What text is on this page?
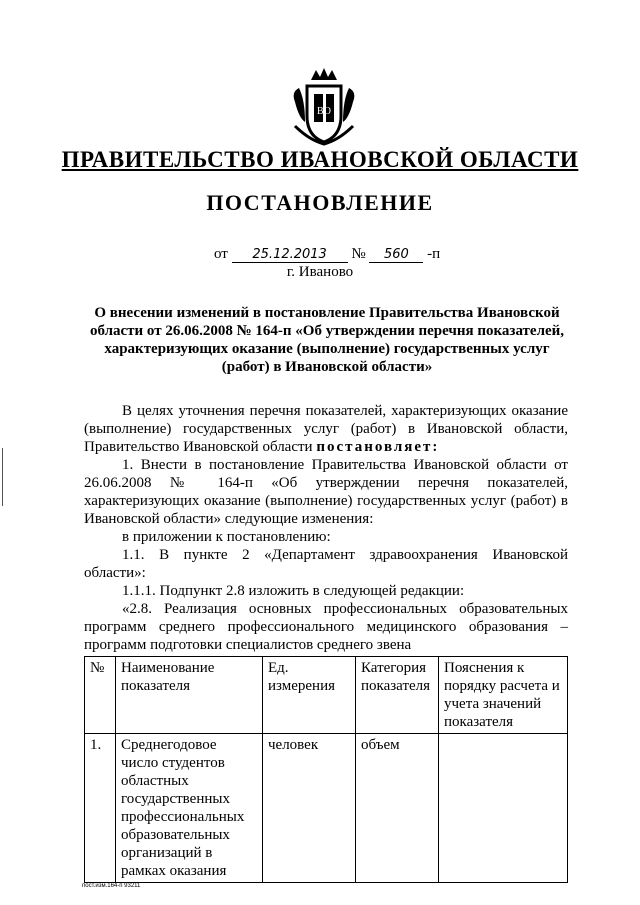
ВО
ПРАВИТЕЛЬСТВО ИВАНОВСКОЙ ОБЛАСТИ
ПОСТАНОВЛЕНИЕ
от 25.12.2013 № 560 -п
г. Иваново
О внесении изменений в постановление Правительства Ивановской области от 26.06.2008 № 164-п «Об утверждении перечня показателей, характеризующих оказание (выполнение) государственных услуг (работ) в Ивановской области»

В целях уточнения перечня показателей, характеризующих оказание (выполнение) государственных услуг (работ) в Ивановской области, Правительство Ивановской области постановляет:

1. Внести в постановление Правительства Ивановской области от 26.06.2008 № 164-п «Об утверждении перечня показателей, характеризующих оказание (выполнение) государственных услуг (работ) в Ивановской области» следующие изменения:

в приложении к постановлению:

1.1. В пункте 2 «Департамент здравоохранения Ивановской области»:

1.1.1. Подпункт 2.8 изложить в следующей редакции:

«2.8. Реализация основных профессиональных образовательных программ среднего профессионального медицинского образования – программ подготовки специалистов среднего звена

№	Наименование показателя	Ед. измерения	Категория показателя	Пояснения к порядку расчета и учета значений показателя
1.	Среднегодовое число студентов областных государственных профессиональных образовательных организаций в рамках оказания	человек	объем	
пост.изм.164-п 93211
